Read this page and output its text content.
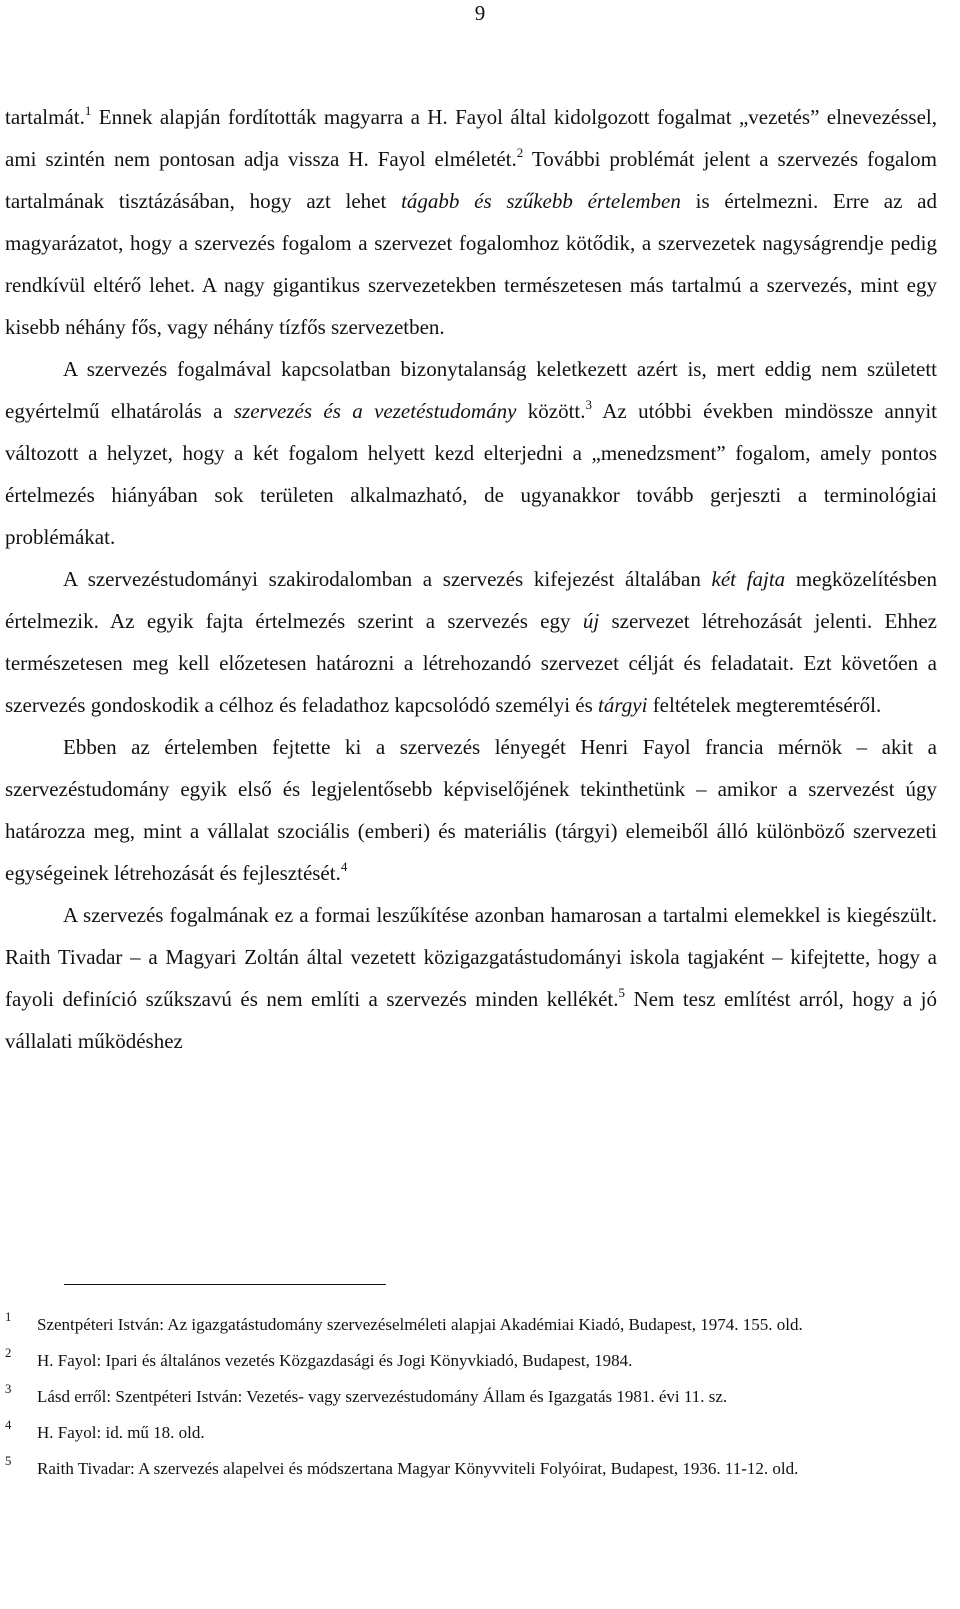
9

tartalmát.$^1$ Ennek alapján fordították magyarra a H. Fayol által kidolgozott fogalmat „vezetés” elnevezéssel, ami szintén nem pontosan adja vissza H. Fayol elméletét.$^2$ További problémát jelent a szervezés fogalom tartalmának tisztázásában, hogy azt lehet tágabb és szűkebb értelemben is értelmezni. Erre az ad magyarázatot, hogy a szervezés fogalom a szervezet fogalomhoz kötődik, a szervezetek nagyságrendje pedig rendkívül eltérő lehet. A nagy gigantikus szervezetekben természetesen más tartalmú a szervezés, mint egy kisebb néhány fős, vagy néhány tízfős szervezetben.

A szervezés fogalmával kapcsolatban bizonytalanság keletkezett azért is, mert eddig nem született egyértelmű elhatárolás a szervezés és a vezetéstudomány között.$^3$ Az utóbbi években mindössze annyit változott a helyzet, hogy a két fogalom helyett kezd elterjedni a „menedzsment” fogalom, amely pontos értelmezés hiányában sok területen alkalmazható, de ugyanakkor tovább gerjeszti a terminológiai problémákat.

A szervezéstudományi szakirodalomban a szervezés kifejezést általában két fajta megközelítésben értelmezik. Az egyik fajta értelmezés szerint a szervezés egy új szervezet létrehozását jelenti. Ehhez természetesen meg kell előzetesen határozni a létrehozandó szervezet célját és feladatait. Ezt követően a szervezés gondoskodik a célhoz és feladathoz kapcsolódó személyi és tárgyi feltételek megteremtéséről.

Ebben az értelemben fejtette ki a szervezés lényegét Henri Fayol francia mérnök – akit a szervezéstudomány egyik első és legjelentősebb képviselőjének tekinthetünk – amikor a szervezést úgy határozza meg, mint a vállalat szociális (emberi) és materiális (tárgyi) elemeiből álló különböző szervezeti egységeinek létrehozását és fejlesztését.$^4$

A szervezés fogalmának ez a formai leszűkítése azonban hamarosan a tartalmi elemekkel is kiegészült. Raith Tivadar – a Magyari Zoltán által vezetett közigazgatástudományi iskola tagjaként – kifejtette, hogy a fayoli definíció szűkszavú és nem említi a szervezés minden kellékét.$^5$ Nem tesz említést arról, hogy a jó vállalati működéshez

$^1$ Szentpéteri István: Az igazgatástudomány szervezéselméleti alapjai Akadémiai Kiadó, Budapest, 1974. 155. old.
$^2$ H. Fayol: Ipari és általános vezetés Közgazdasági és Jogi Könyvkiadó, Budapest, 1984.
$^3$ Lásd erről: Szentpéteri István: Vezetés- vagy szervezéstudomány Állam és Igazgatás 1981. évi 11. sz.
$^4$ H. Fayol: id. mű 18. old.
$^5$ Raith Tivadar: A szervezés alapelvei és módszertana Magyar Könyvviteli Folyóirat, Budapest, 1936. 11-12. old.
